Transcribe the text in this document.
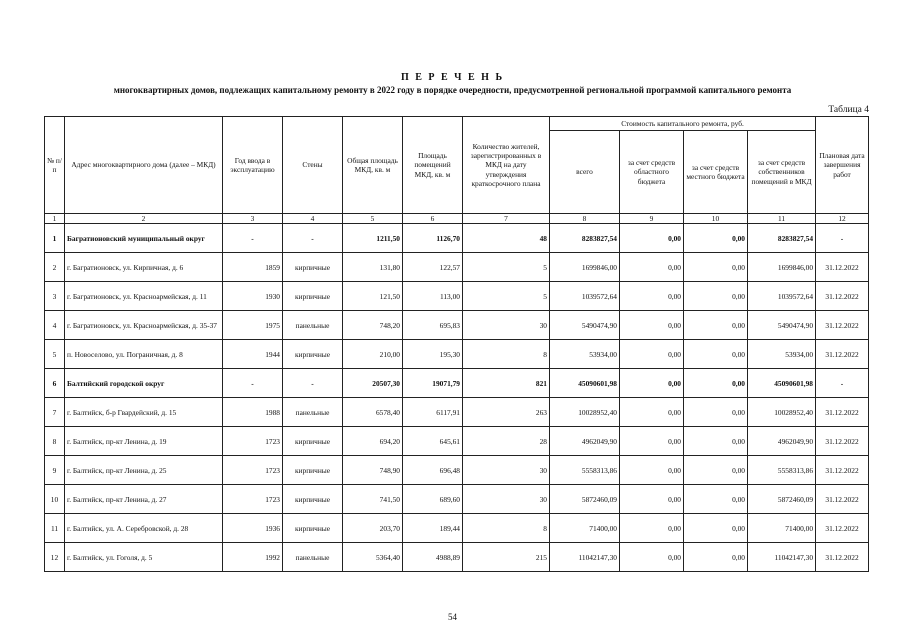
П Е Р Е Ч Е Н Ь
многоквартирных домов, подлежащих капитальному ремонту в 2022 году в порядке очередности, предусмотренной региональной программой капитального ремонта
Таблица 4
№ п/п	Адрес многоквартирного дома (далее – МКД)	Год ввода в эксплуатацию	Стены	Общая площадь МКД, кв. м	Площадь помещений МКД, кв. м	Количество жителей, зарегистрированных в МКД на дату утверждения краткосрочного плана	Стоимость капитального ремонта, руб.				Плановая дата завершения работ
							всего	за счет средств областного бюджета	за счет средств местного бюджета	за счет средств собственников помещений в МКД	
1	2	3	4	5	6	7	8	9	10	11	12
1	Багратионовский муниципальный округ	-	-	1211,50	1126,70	48	8283827,54	0,00	0,00	8283827,54	-
2	г. Багратионовск, ул. Кирпичная, д. 6	1859	кирпичные	131,80	122,57	5	1699846,00	0,00	0,00	1699846,00	31.12.2022
3	г. Багратионовск, ул. Красноармейская, д. 11	1930	кирпичные	121,50	113,00	5	1039572,64	0,00	0,00	1039572,64	31.12.2022
4	г. Багратионовск, ул. Красноармейская, д. 35-37	1975	панельные	748,20	695,83	30	5490474,90	0,00	0,00	5490474,90	31.12.2022
5	п. Новоселово, ул. Пограничная, д. 8	1944	кирпичные	210,00	195,30	8	53934,00	0,00	0,00	53934,00	31.12.2022
6	Балтийский городской округ	-	-	20507,30	19071,79	821	45090601,98	0,00	0,00	45090601,98	-
7	г. Балтийск, б-р Гвардейский, д. 15	1988	панельные	6578,40	6117,91	263	10028952,40	0,00	0,00	10028952,40	31.12.2022
8	г. Балтийск, пр-кт Ленина, д. 19	1723	кирпичные	694,20	645,61	28	4962049,90	0,00	0,00	4962049,90	31.12.2022
9	г. Балтийск, пр-кт Ленина, д. 25	1723	кирпичные	748,90	696,48	30	5558313,86	0,00	0,00	5558313,86	31.12.2022
10	г. Балтийск, пр-кт Ленина, д. 27	1723	кирпичные	741,50	689,60	30	5872460,09	0,00	0,00	5872460,09	31.12.2022
11	г. Балтийск, ул. А. Серебровской, д. 28	1936	кирпичные	203,70	189,44	8	71400,00	0,00	0,00	71400,00	31.12.2022
12	г. Балтийск, ул. Гоголя, д. 5	1992	панельные	5364,40	4988,89	215	11042147,30	0,00	0,00	11042147,30	31.12.2022
54
